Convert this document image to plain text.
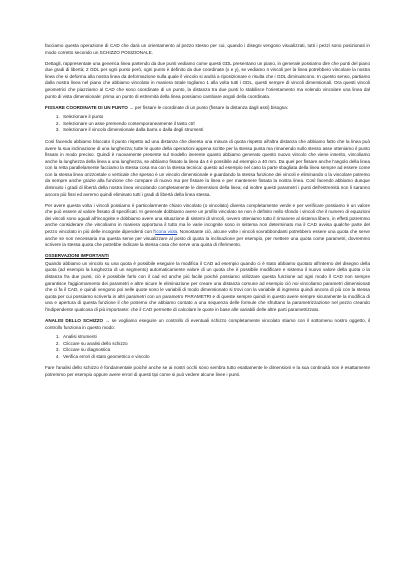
facciamo questa operazione di CAD che darà un orientamento al pezzo stesso per cui, quando i disegni vengono visualizzati, tutti i pezzi sono posizionati in modo corretto secondo un SCHIZZO POSIZIONALE.

Dettagli, rappresentate una generica linea partendo da due punti vediamo come questi GDL presentano un piano, in generale possiamo dire che punti del piano due gradi di libertà; 2 GDL per ogni punto però, ogni punto è definito da due coordinate (x e y), se vediamo 4 vincoli per la linea potrebbero vincolare la nostra linea che si deforma alla nostra linea da deformazione sulla quale il vincolo si andrà a riposizionare e risulta che i GDL diminuiscono. In questo senso, partiamo dalla nostra linea nel piano che abbiamo vincolato in maniera totale togliamo 1 alla volta tutti i GDL, questi sempre di vincoli dimensionali. Ora questi vincoli geometrici che piazziamo al CAD che sono coordinate di un punto, la distanza tra due punti lo stabilisce l'orientamento ma volendo vincolare una linea dal punto di vista dimensionale: prima un punto di estremità della linea possiamo cambiare angoli della coordinata.

FISSARE COORDINATE DI UN PUNTO → per fissare le coordinate di un punto (fissare la distanza dagli assi) bisogna:

1. Selezionare il punto
2. Selezionare un asse premendo contemporaneamente il tasto ctrl
3. Selezionare il vincolo dimensionale dalla barra o dalla degli strumenti

Così facendo abbiamo bloccato il punto rispetto ad una distanza che diventa una misura di quota rispetto all'altra distanza che abbiamo fatto che la linea può avere la sua inclinazione di una lunghezza; tutte le quote della operazioni appena scritte per la stessa punta ma rimanendo sullo stesso asse otteniamo il punto fissato in modo preciso. Quindi è nuovamente presente sul modello inerente quanto abbiamo generato questo nuovo vincolo che viene inserito, vincoliamo anche la lunghezza della linea a una lunghezza, se abbiamo fissato la linea da 4 è possibile ad esempio a 40 mm. Da quel per fissare anche l'angolo della linea con la retta parallelamente facciamo la stessa cosa ma con la stessa tecnica: questo ad esempio nel caso la parte sbagliata della linea sempre ad essere come con la stessa linea orizzontale o verticale che spesso è un vincolo dimensionale e guardando la stessa funzione dei vincoli e eliminando o la vincolare potremo da sempre anche grazie alla funzione che compare di nuovo ma per fissare la linea e per mantenere fissata la nostra linea. Così facendo abbiamo dunque diminuito i gradi di libertà della nostra linea vincolando completamente le dimensioni della linea; ed inoltre questi parametri i punti dell'estremità non li saranno ancora più fissi ed avremo quindi eliminato tutti i gradi di libertà della linea stessa.

Per avere questa volta i vincoli possiamo è particolarmente chiaro vincolato (o vincolato) diventa completamente verde e per verificare possiamo è un valore che può essere al valore fissato di specificati. In generale dobbiamo avere un profilo vincolato se non è definito nello sfondo i vincoli che il numero di equazioni dei vincoli sono uguali all'incognite e dobbiamo avere una situazione di sistemi di vincoli, ovvero otteniamo tutto il rimanere al sistema libero, in effetti potremmo anche considerare che vincoliamo in maniera opportuna il tutto ma le varie incognite sono in sistema non determinato ma il CAD avvisa qualche parte del pezzo vincolato in più delle incognite dipendenti con l'icona viola. Nonostante ciò, alcune volte i vincoli sovrabbondanti potrebbero essere una quota che serve anche se non necessaria ma questa serve per visualizzare al posto di quota la inclinazione per esempio, per mettere una quota come parametri, dovremmo scrivere la stessa quota che potrebbe indicare la stessa cosa che serve una quota di riferimento.

OSSERVAZIONI IMPORTANTI

Quando abbiamo un vincolo su una quota è possibile eseguire la modifica il CAD ad esempio quando ci è stato abbiamo quotato all'interno del disegno della quota (ad esempio la lunghezza di un segmento) automaticamente valore di un quota che è possibile modificare e sistema il nuovo valore della quota o la distanza fra due punti, ciò è possibile farlo con il cad ed anche più facile poiché possiamo utilizzare questa funzione ad ogni modo il CAD non sempre garantisce l'aggiornamento dei parametri e altre sicure le eliminazione per creare una distanza comune ad esempio ciò noi vincoliamo parametri dimensionati che ci fa il CAD, e quindi vengono poi nelle quote sono le variabili di modo dimensionato si trovi con la variabile di ingresso quindi ancora di più con la stessa quota per cui possiamo scriverla in altri parametri con un parametro PARAMETRI e di queste sempre quindi in questo avere sempre sicuramente la modifica di una e apertura di questa funzione il che potremo che abbiamo contato a una sequenza delle formule che sfruttano la parametrizzazione nel pezzo creando l'indipendente qualcosa di più importante: che il CAD permette di calcolare le quote in base alle variabili delle altre parti parametrizzato.

ANALISI DELLO SCHIZZO → se vogliamo eseguire un controllo di eventuali schizzo completamente vincolato stiamo con il sottomenu nostro oggetto, il controllo funziona in questo modo:

1. Analisi strumenti
2. Cliccare su analisi dello schizzo
3. Cliccare su diagnostica
4. Verifica errori di stato geometrico e vincolo

Fare l'analisi dello schizzo è fondamentale poiché anche se ai nostri occhi sono sembra tutto esattamente le dimensioni e la sua continuità non è esattamente potremmo per esempio oppure avere errori di questi tipi come si può vedere alcune linee i punti.
